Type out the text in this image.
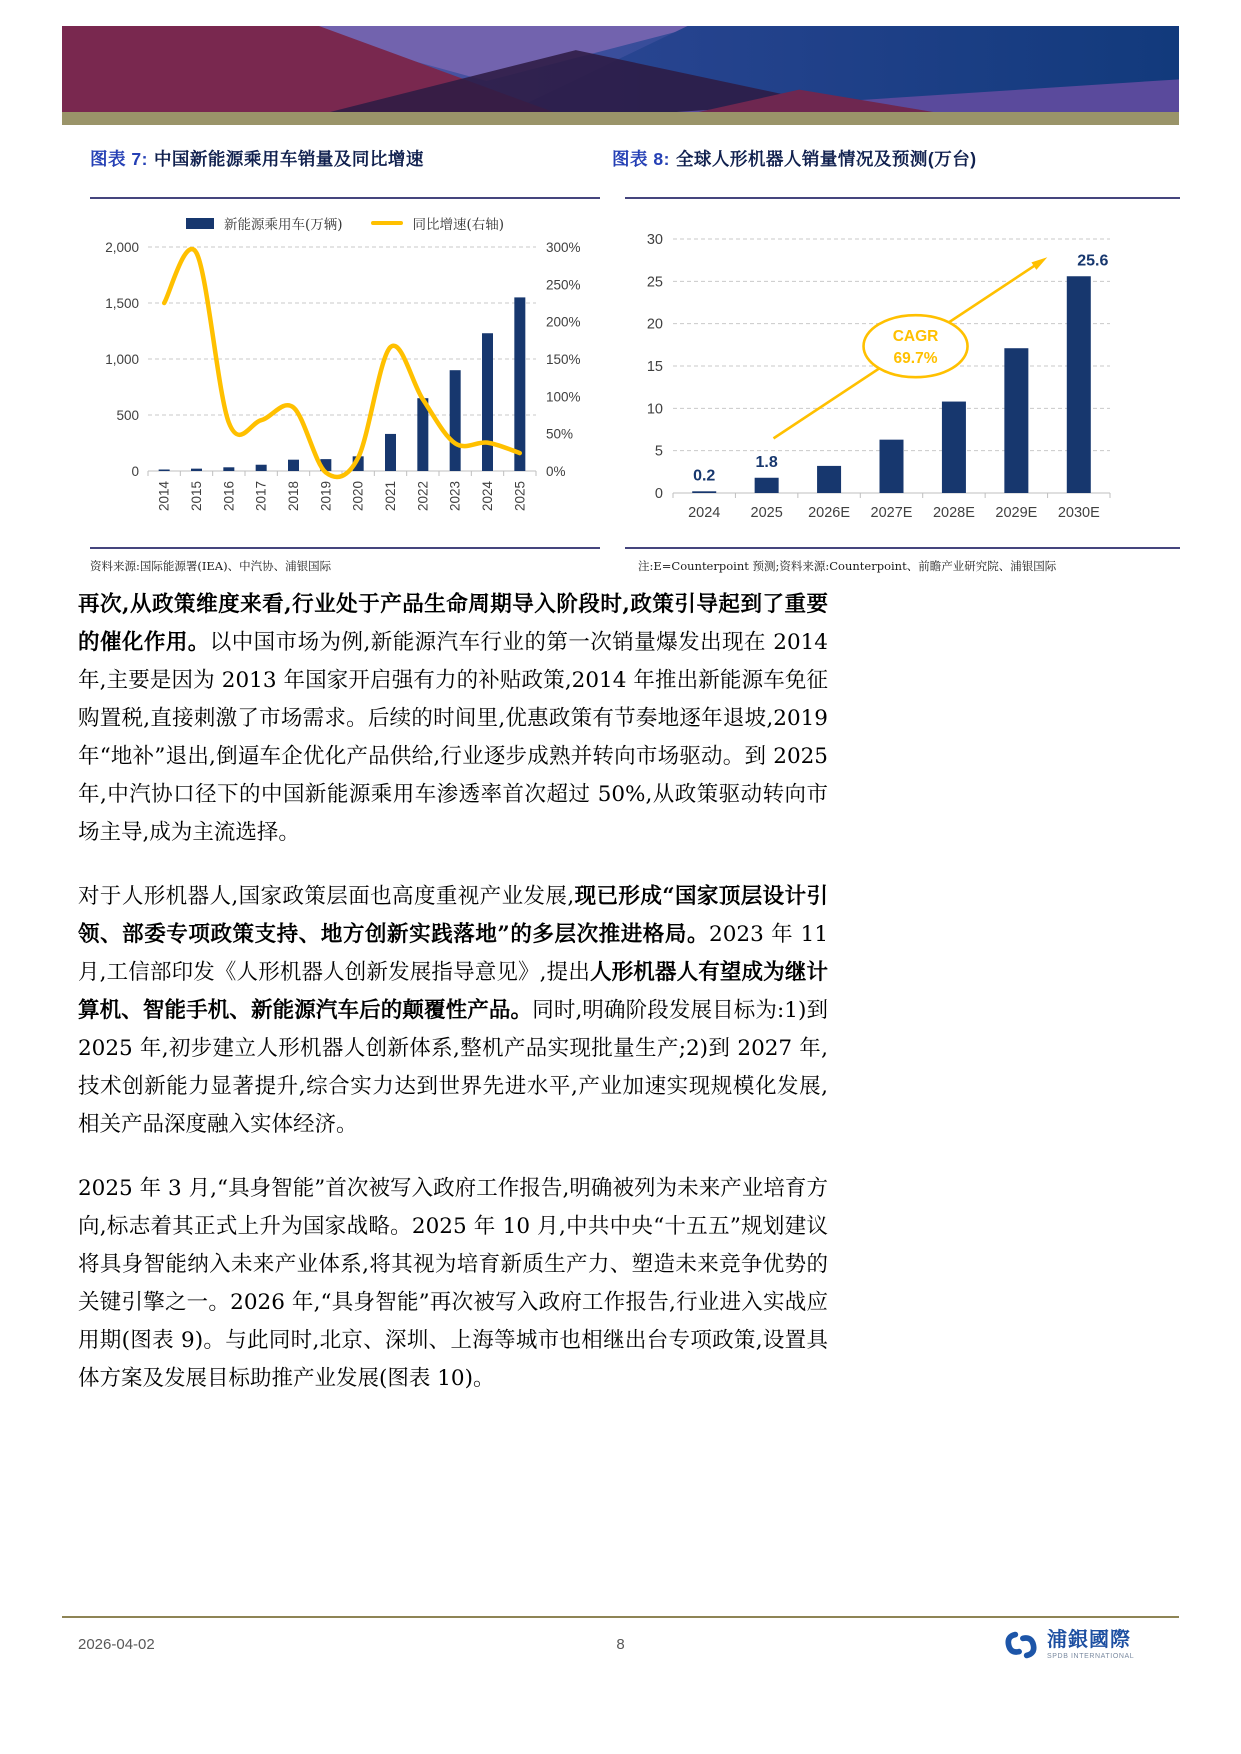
图表 7: 中国新能源乘用车销量及同比增速	图表 8: 全球人形机器人销量情况及预测(万台)
新能源乘用车(万辆)	同比增速(右轴)
0
500
1,000
1,500
2,000
0%
50%
100%
150%
200%
250%
300%
2014 2015 2016 2017 2018 2019 2020 2021 2022 2023 2024 2025
资料来源:国际能源署(IEA)、中汽协、浦银国际
0
5
10
15
20
25
30
CAGR
69.7%
0.2
1.8
25.6
2024 2025 2026E 2027E 2028E 2029E 2030E
注:E=Counterpoint 预测;资料来源:Counterpoint、前瞻产业研究院、浦银国际

再次,从政策维度来看,行业处于产品生命周期导入阶段时,政策引导起到了重要的催化作用。以中国市场为例,新能源汽车行业的第一次销量爆发出现在 2014 年,主要是因为 2013 年国家开启强有力的补贴政策,2014 年推出新能源车免征购置税,直接刺激了市场需求。后续的时间里,优惠政策有节奏地逐年退坡,2019 年“地补”退出,倒逼车企优化产品供给,行业逐步成熟并转向市场驱动。到 2025 年,中汽协口径下的中国新能源乘用车渗透率首次超过 50%,从政策驱动转向市场主导,成为主流选择。

对于人形机器人,国家政策层面也高度重视产业发展,现已形成“国家顶层设计引领、部委专项政策支持、地方创新实践落地”的多层次推进格局。2023 年 11 月,工信部印发《人形机器人创新发展指导意见》,提出人形机器人有望成为继计算机、智能手机、新能源汽车后的颠覆性产品。同时,明确阶段发展目标为:1)到 2025 年,初步建立人形机器人创新体系,整机产品实现批量生产;2)到 2027 年,技术创新能力显著提升,综合实力达到世界先进水平,产业加速实现规模化发展,相关产品深度融入实体经济。

2025 年 3 月,“具身智能”首次被写入政府工作报告,明确被列为未来产业培育方向,标志着其正式上升为国家战略。2025 年 10 月,中共中央“十五五”规划建议将具身智能纳入未来产业体系,将其视为培育新质生产力、塑造未来竞争优势的关键引擎之一。2026 年,“具身智能”再次被写入政府工作报告,行业进入实战应用期(图表 9)。与此同时,北京、深圳、上海等城市也相继出台专项政策,设置具体方案及发展目标助推产业发展(图表 10)。

2026-04-02	8	浦銀國際
SPDB INTERNATIONAL
